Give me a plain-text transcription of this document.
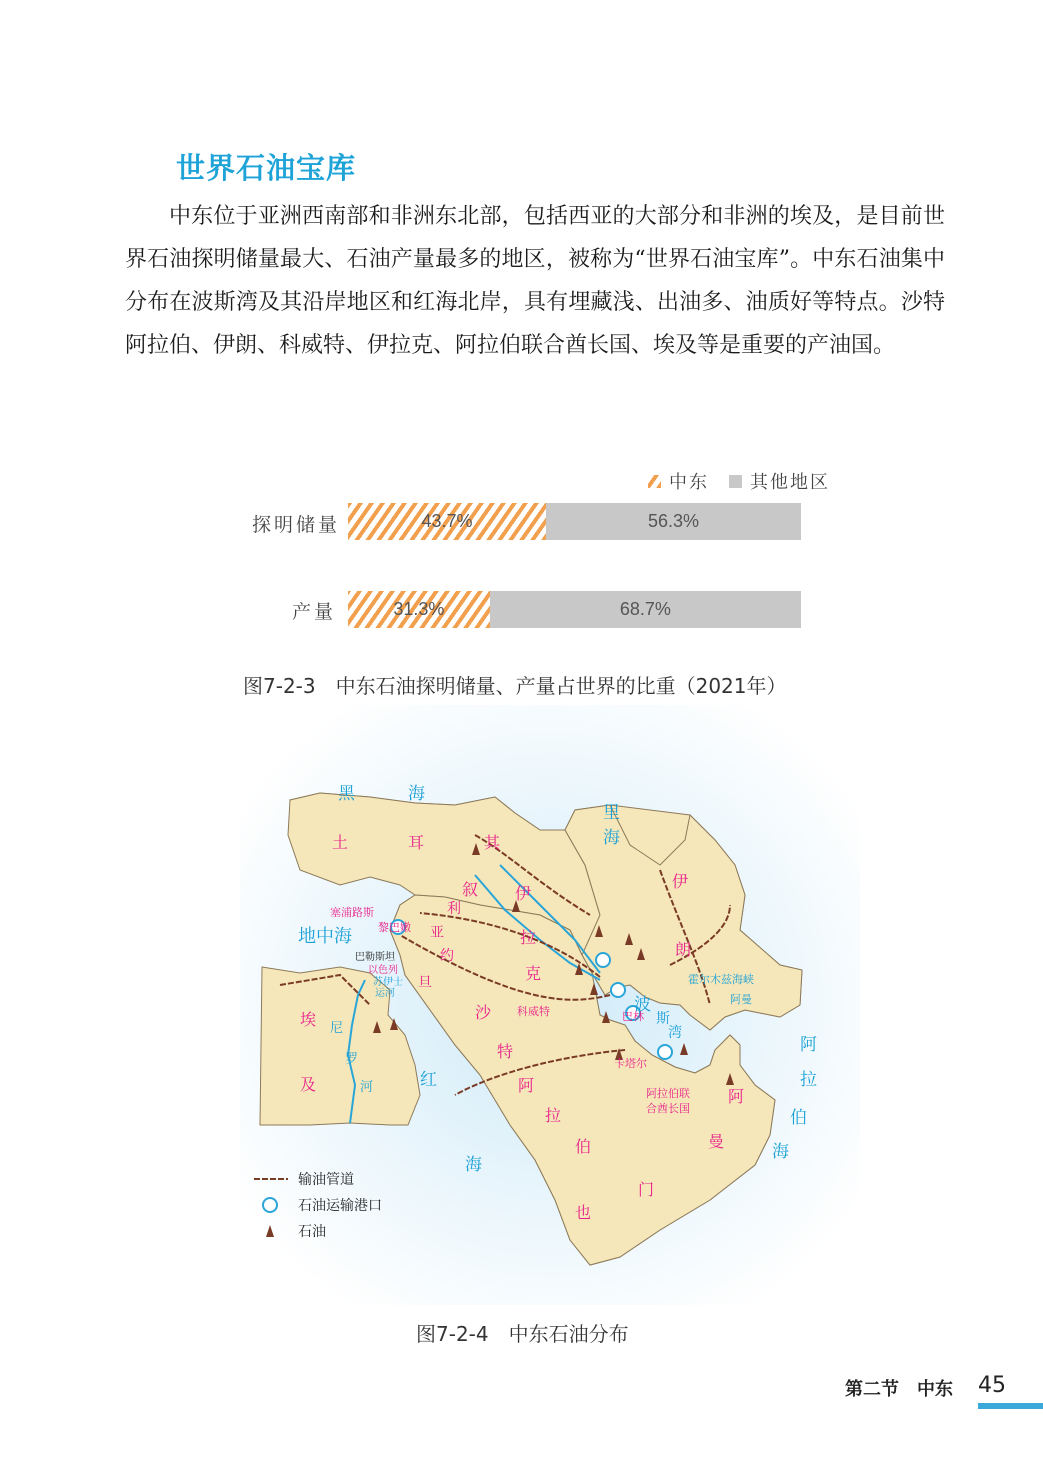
世界石油宝库
中东位于亚洲西南部和非洲东北部，包括西亚的大部分和非洲的埃及，是目前世界石油探明储量最大、石油产量最多的地区，被称为“世界石油宝库”。中东石油集中分布在波斯湾及其沿岸地区和红海北岸，具有埋藏浅、出油多、油质好等特点。沙特阿拉伯、伊朗、科威特、伊拉克、阿拉伯联合酋长国、埃及等是重要的产油国。
中东 其他地区
探明储量	43.7%	56.3%
产量	31.3%	68.7%
图7-2-3　中东石油探明储量、产量占世界的比重（2021年）
黑	海
里
海
地中海
红
海
阿
拉
伯
海
波
斯
湾
土	耳	其
叙
利
亚
伊
拉
克
伊
朗
约
旦
埃
及
沙
特
阿
拉
伯
门
也
阿
曼
塞浦路斯
黎巴嫩
以色列
科威特	巴林
卡塔尔
阿拉伯联
合酋长国
巴勒斯坦
尼
罗
河
苏伊士
运河
霍尔木兹海峡
阿曼
输油管道
石油运输港口
石油
图7-2-4　中东石油分布
第二节　中东 45
